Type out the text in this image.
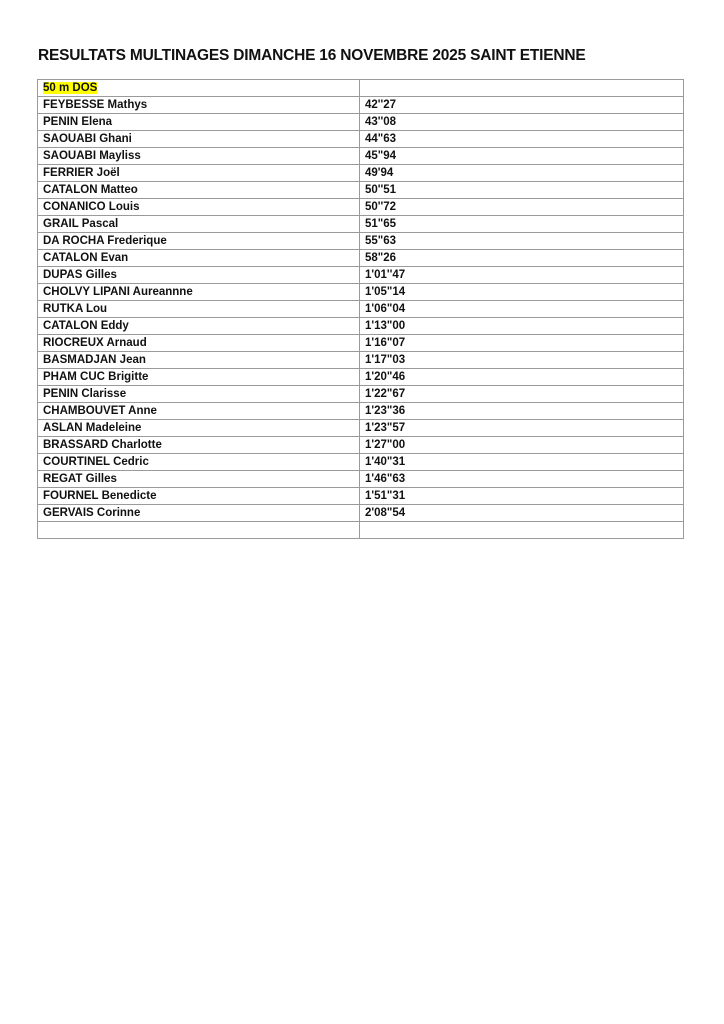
RESULTATS MULTINAGES DIMANCHE 16 NOVEMBRE 2025 SAINT ETIENNE
50 m DOS	
FEYBESSE Mathys	42''27
PENIN Elena	43''08
SAOUABI Ghani	44"63
SAOUABI Mayliss	45"94
FERRIER Joël	49'94
CATALON Matteo	50''51
CONANICO Louis	50''72
GRAIL Pascal	51"65
DA ROCHA Frederique	55"63
CATALON Evan	58"26
DUPAS Gilles	1'01''47
CHOLVY LIPANI Aureannne	1'05"14
RUTKA Lou	1'06"04
CATALON Eddy	1'13"00
RIOCREUX Arnaud	1'16"07
BASMADJAN Jean	1'17"03
PHAM CUC Brigitte	1'20"46
PENIN Clarisse	1'22"67
CHAMBOUVET Anne	1'23"36
ASLAN Madeleine	1'23"57
BRASSARD Charlotte	1'27"00
COURTINEL Cedric	1'40"31
REGAT Gilles	1'46"63
FOURNEL Benedicte	1'51"31
GERVAIS Corinne	2'08"54
